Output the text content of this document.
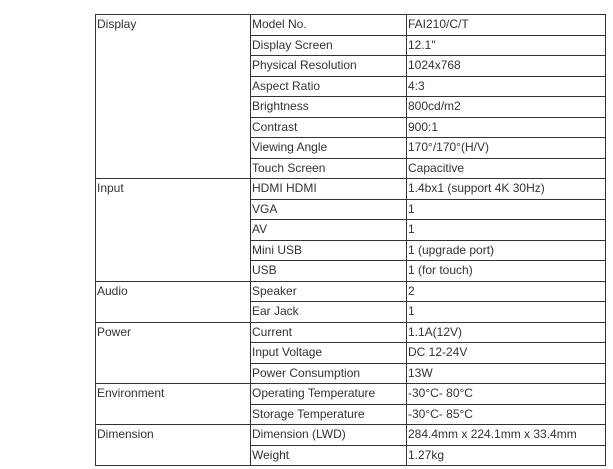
Display	Model No.	FAI210/C/T
	Display Screen	12.1"
	Physical Resolution	1024x768
	Aspect Ratio	4:3
	Brightness	800cd/m2
	Contrast	900:1
	Viewing Angle	170°/170°(H/V)
	Touch Screen	Capacitive
Input	HDMI HDMI	1.4bx1 (support 4K 30Hz)
	VGA	1
	AV	1
	Mini USB	1 (upgrade port)
	USB	1 (for touch)
Audio	Speaker	2
	Ear Jack	1
Power	Current	1.1A(12V)
	Input Voltage	DC 12-24V
	Power Consumption	13W
Environment	Operating Temperature	-30°C- 80°C
	Storage Temperature	-30°C- 85°C
Dimension	Dimension (LWD)	284.4mm x 224.1mm x 33.4mm
	Weight	1.27kg
